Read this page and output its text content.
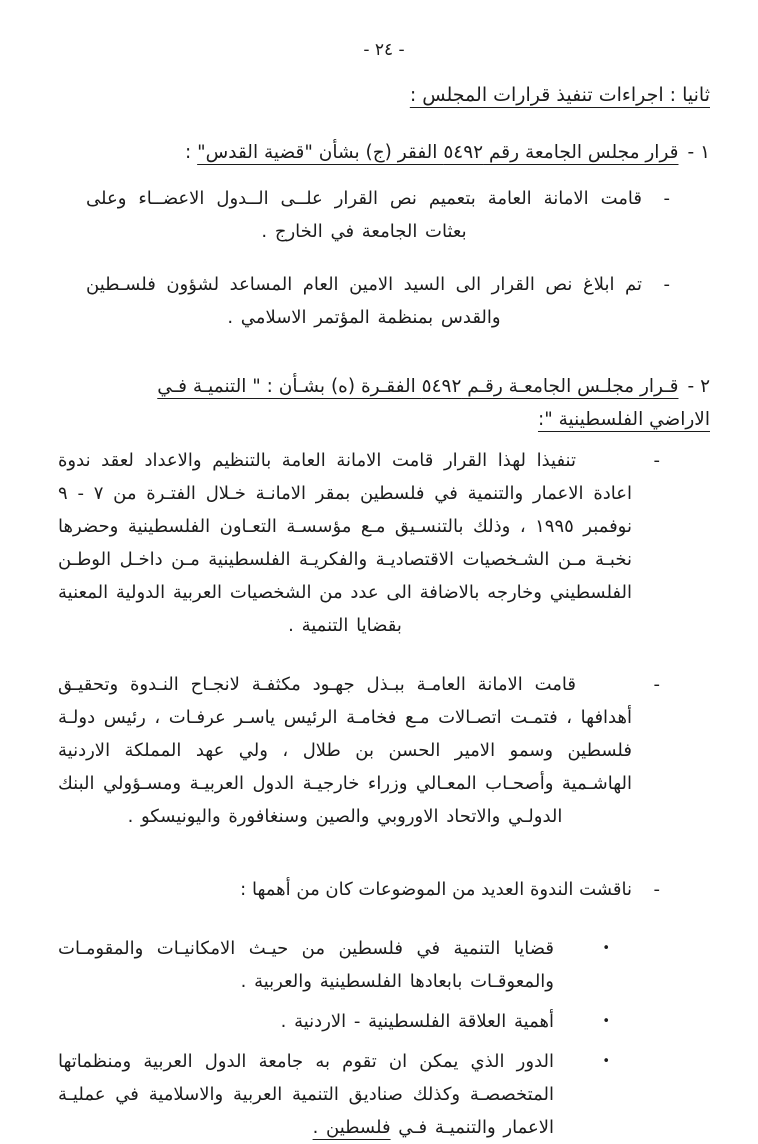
- ٢٤ -
ثانيا : اجراءات تنفيذ قرارات المجلس :
١ -قرار مجلس الجامعة رقم ٥٤٩٢ الفقر (ج) بشأن "قضية القدس" :
-
قامت الامانة العامة بتعميم نص القرار علــى الــدول الاعضــاء وعلى بعثات الجامعة في الخارج .
-
تم ابلاغ نص القرار الى السيد الامين العام المساعد لشؤون فلسـطين والقدس بمنظمة المؤتمر الاسلامي .
٢ -قـرار مجلـس الجامعـة رقـم ٥٤٩٢ الفقـرة (ه) بشـأن : " التنميـة فـي
الاراضي الفلسطينية ":
-
تنفيذا لهذا القرار قامت الامانة العامة بالتنظيم والاعداد لعقد ندوة اعادة الاعمار والتنمية في فلسطين بمقر الامانـة خـلال الفتـرة من ٧ - ٩ نوفمبر ١٩٩٥ ، وذلك بالتنسـيق مـع مؤسسـة التعـاون الفلسطينية وحضرها نخبـة مـن الشـخصيات الاقتصاديـة والفكريـة الفلسطينية مـن داخـل الوطـن الفلسطيني وخارجه بالاضافة الى عدد من الشخصيات العربية الدولية المعنية بقضايا التنمية .
-
قامت الامانة العامـة ببـذل جهـود مكثفـة لانجـاح النـدوة وتحقيـق أهدافها ، فتمـت اتصـالات مـع فخامـة الرئيس ياسـر عرفـات ، رئيس دولـة فلسطين وسمو الامير الحسن بن طلال ، ولي عهد المملكة الاردنية الهاشـمية وأصحـاب المعـالي وزراء خارجيـة الدول العربيـة ومسـؤولي البنك الدولـي والاتحاد الاوروبي والصين وسنغافورة واليونيسكو .
-
ناقشت الندوة العديد من الموضوعات كان من أهمها :
•
قضايا التنمية في فلسطين من حيـث الامكانيـات والمقومـات والمعوقـات بابعادها الفلسطينية والعربية .
•
أهمية العلاقة الفلسطينية - الاردنية .
•
الدور الذي يمكن ان تقوم به جامعة الدول العربية ومنظماتها المتخصصـة وكذلك صناديق التنمية العربية والاسلامية في عمليـة الاعمار والتنميـة فـي فلسطين .
